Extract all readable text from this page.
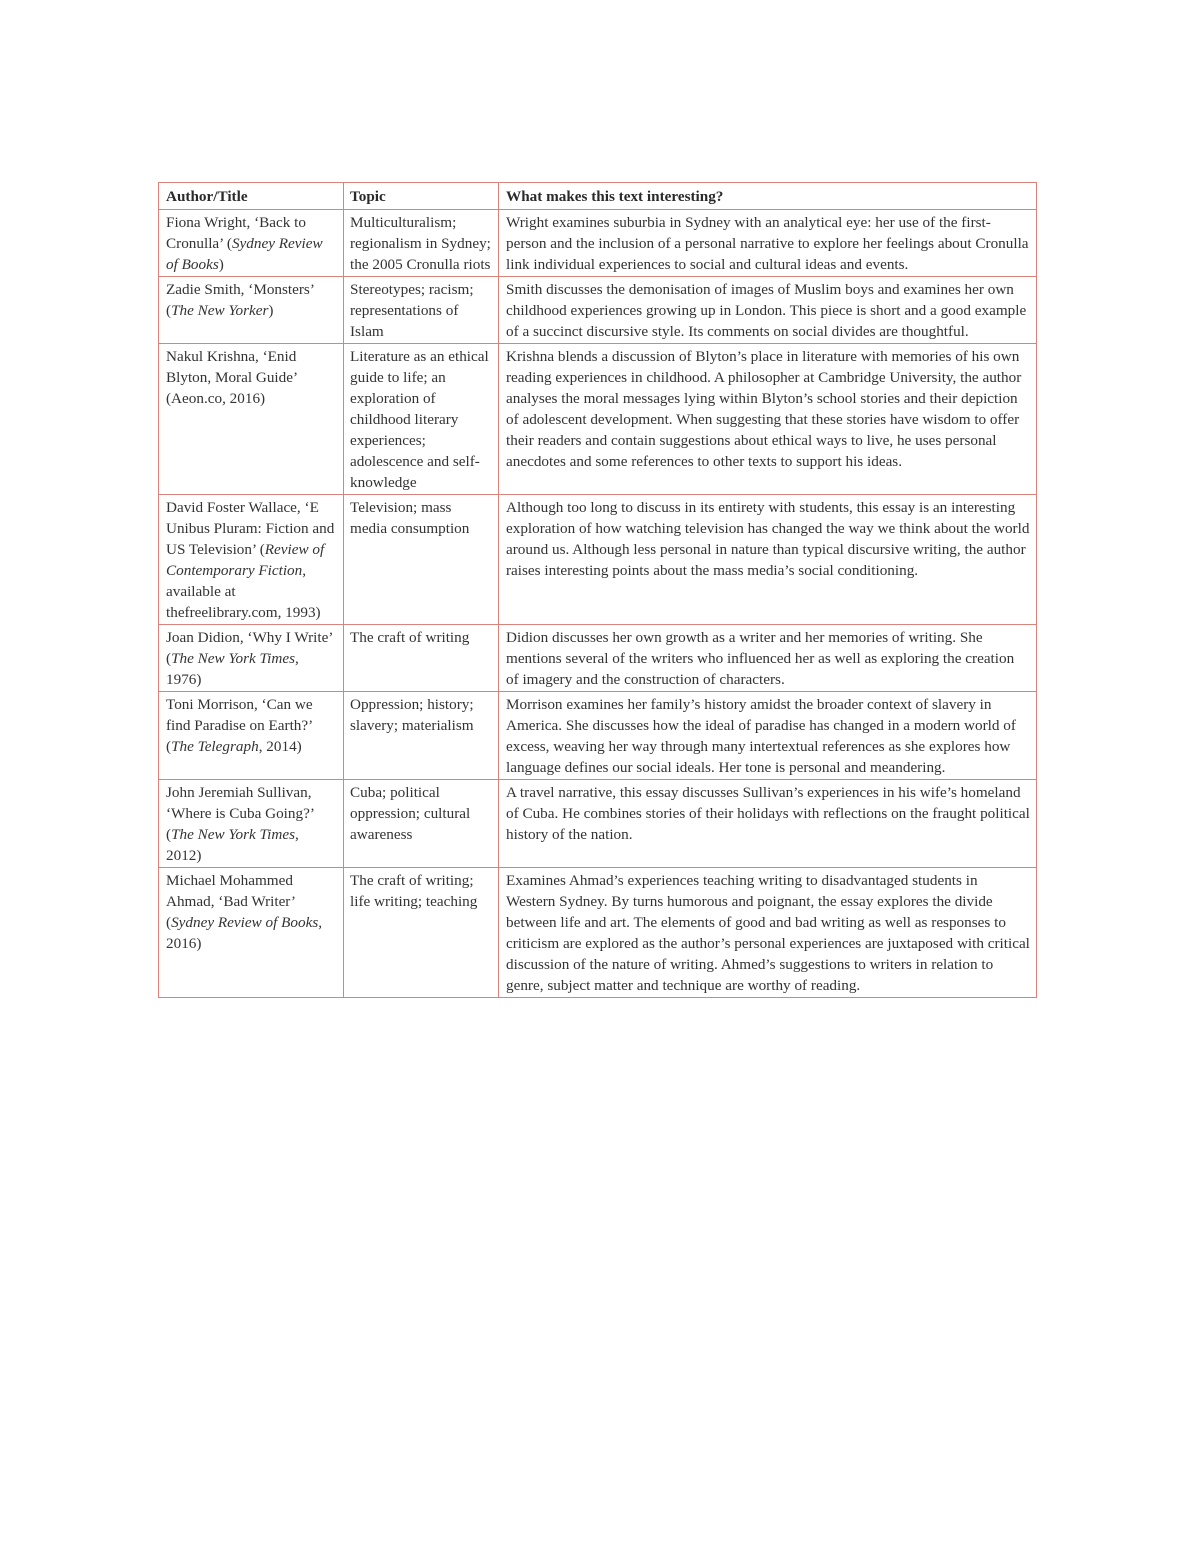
Author/Title	Topic	What makes this text interesting?
Fiona Wright, ‘Back to Cronulla’ (Sydney Review of Books)	Multiculturalism; regionalism in Sydney; the 2005 Cronulla riots	Wright examines suburbia in Sydney with an analytical eye: her use of the first-person and the inclusion of a personal narrative to explore her feelings about Cronulla link individual experiences to social and cultural ideas and events.
Zadie Smith, ‘Monsters’ (The New Yorker)	Stereotypes; racism; representations of Islam	Smith discusses the demonisation of images of Muslim boys and examines her own childhood experiences growing up in London. This piece is short and a good example of a succinct discursive style. Its comments on social divides are thoughtful.
Nakul Krishna, ‘Enid Blyton, Moral Guide’ (Aeon.co, 2016)	Literature as an ethical guide to life; an exploration of childhood literary experiences; adolescence and self-knowledge	Krishna blends a discussion of Blyton’s place in literature with memories of his own reading experiences in childhood. A philosopher at Cambridge University, the author analyses the moral messages lying within Blyton’s school stories and their depiction of adolescent development. When suggesting that these stories have wisdom to offer their readers and contain suggestions about ethical ways to live, he uses personal anecdotes and some references to other texts to support his ideas.
David Foster Wallace, ‘E Unibus Pluram: Fiction and US Television’ (Review of Contemporary Fiction, available at thefreelibrary.com, 1993)	Television; mass media consumption	Although too long to discuss in its entirety with students, this essay is an interesting exploration of how watching television has changed the way we think about the world around us. Although less personal in nature than typical discursive writing, the author raises interesting points about the mass media’s social conditioning.
Joan Didion, ‘Why I Write’ (The New York Times, 1976)	The craft of writing	Didion discusses her own growth as a writer and her memories of writing. She mentions several of the writers who influenced her as well as exploring the creation of imagery and the construction of characters.
Toni Morrison, ‘Can we find Paradise on Earth?’ (The Telegraph, 2014)	Oppression; history; slavery; materialism	Morrison examines her family’s history amidst the broader context of slavery in America. She discusses how the ideal of paradise has changed in a modern world of excess, weaving her way through many intertextual references as she explores how language defines our social ideals. Her tone is personal and meandering.
John Jeremiah Sullivan, ‘Where is Cuba Going?’ (The New York Times, 2012)	Cuba; political oppression; cultural awareness	A travel narrative, this essay discusses Sullivan’s experiences in his wife’s homeland of Cuba. He combines stories of their holidays with reflections on the fraught political history of the nation.
Michael Mohammed Ahmad, ‘Bad Writer’ (Sydney Review of Books, 2016)	The craft of writing; life writing; teaching	Examines Ahmad’s experiences teaching writing to disadvantaged students in Western Sydney. By turns humorous and poignant, the essay explores the divide between life and art. The elements of good and bad writing as well as responses to criticism are explored as the author’s personal experiences are juxtaposed with critical discussion of the nature of writing. Ahmed’s suggestions to writers in relation to genre, subject matter and technique are worthy of reading.
